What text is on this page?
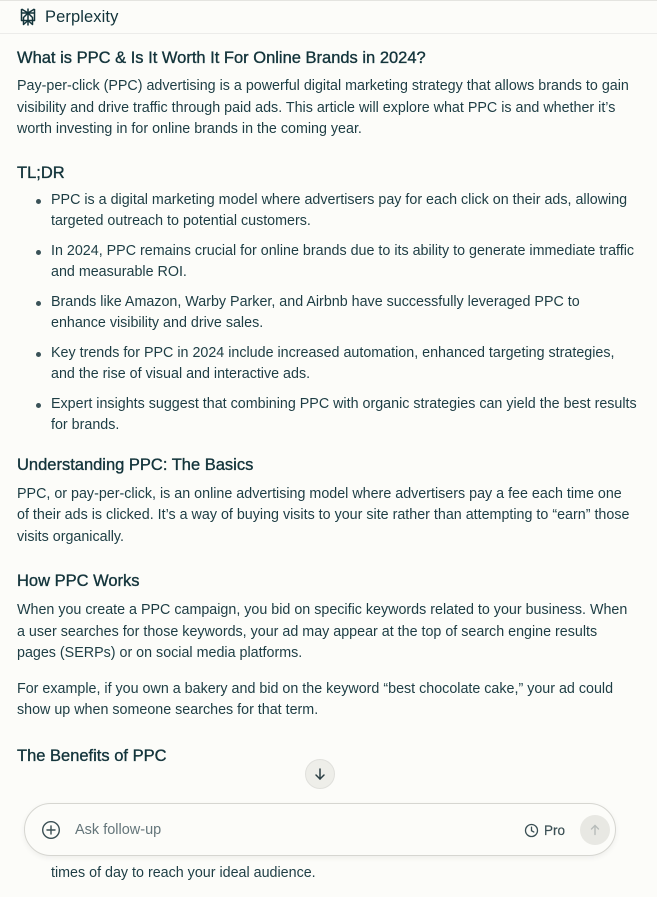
Perplexity
What is PPC & Is It Worth It For Online Brands in 2024?

Pay-per-click (PPC) advertising is a powerful digital marketing strategy that allows brands to gain visibility and drive traffic through paid ads. This article will explore what PPC is and whether it’s worth investing in for online brands in the coming year.

TL;DR
PPC is a digital marketing model where advertisers pay for each click on their ads, allowing targeted outreach to potential customers.
In 2024, PPC remains crucial for online brands due to its ability to generate immediate traffic and measurable ROI.
Brands like Amazon, Warby Parker, and Airbnb have successfully leveraged PPC to enhance visibility and drive sales.
Key trends for PPC in 2024 include increased automation, enhanced targeting strategies, and the rise of visual and interactive ads.
Expert insights suggest that combining PPC with organic strategies can yield the best results for brands.
Understanding PPC: The Basics

PPC, or pay-per-click, is an online advertising model where advertisers pay a fee each time one of their ads is clicked. It’s a way of buying visits to your site rather than attempting to “earn” those visits organically.

How PPC Works

When you create a PPC campaign, you bid on specific keywords related to your business. When a user searches for those keywords, your ad may appear at the top of search engine results pages (SERPs) or on social media platforms.

For example, if you own a bakery and bid on the keyword “best chocolate cake,” your ad could show up when someone searches for that term.

The Benefits of PPC
times of day to reach your ideal audience.
Ask follow-up
Pro
